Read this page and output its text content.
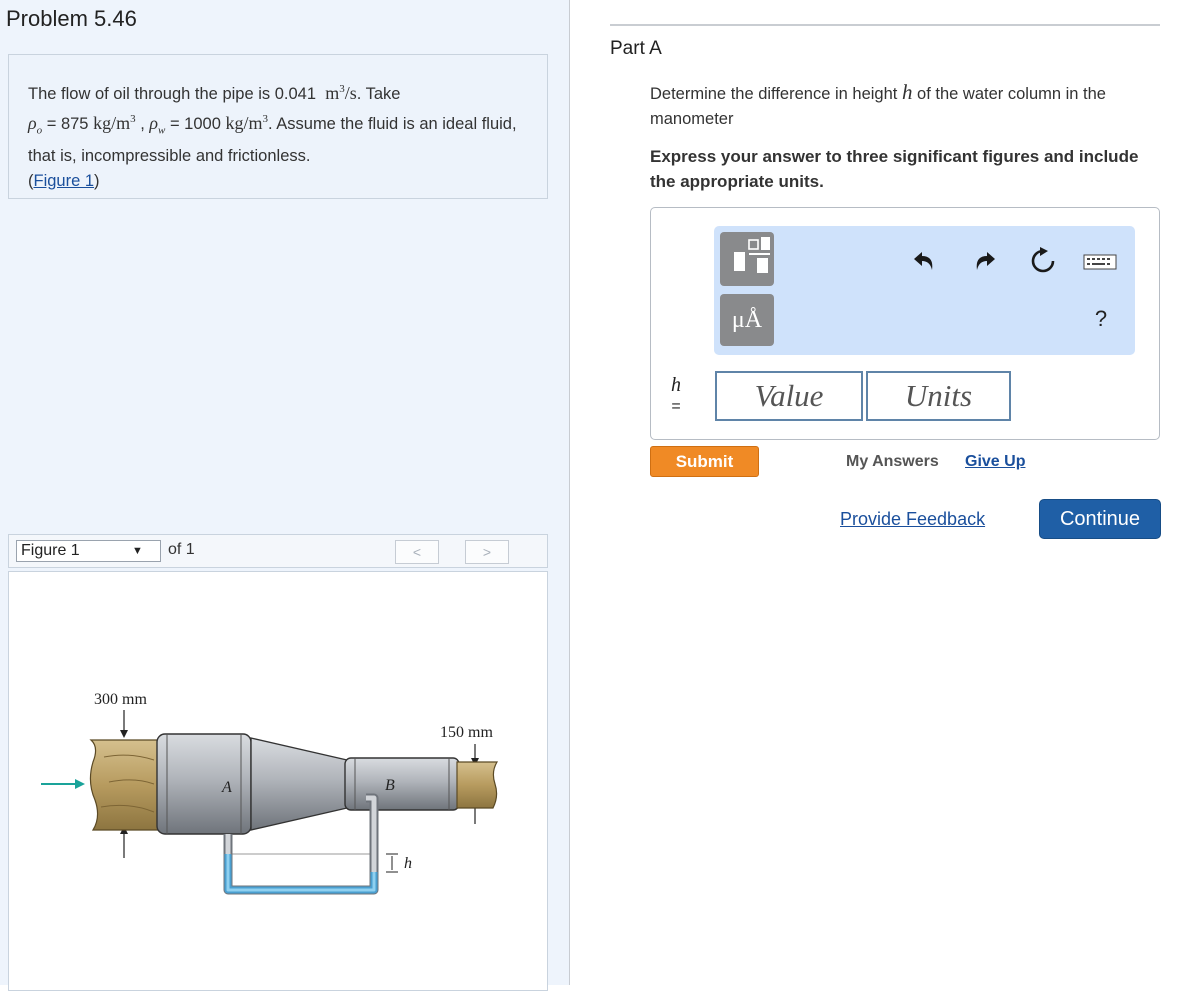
Problem 5.46
The flow of oil through the pipe is 0.041 $m^3/s$. Take
$\rho_o = 875$ $kg/m^3$ , $\rho_w = 1000$ $kg/m^3$. Assume the fluid is an ideal fluid, that is, incompressible and frictionless.
(Figure 1)
Figure 1	▼ of 1	<	>
300 mm
150 mm
A	B
h
Part A
Determine the difference in height h of the water column in the manometer
Express your answer to three significant figures and include the appropriate units.
μÅ	?
h
=	Value	Units
Submit	My Answers Give Up
Provide Feedback	Continue
